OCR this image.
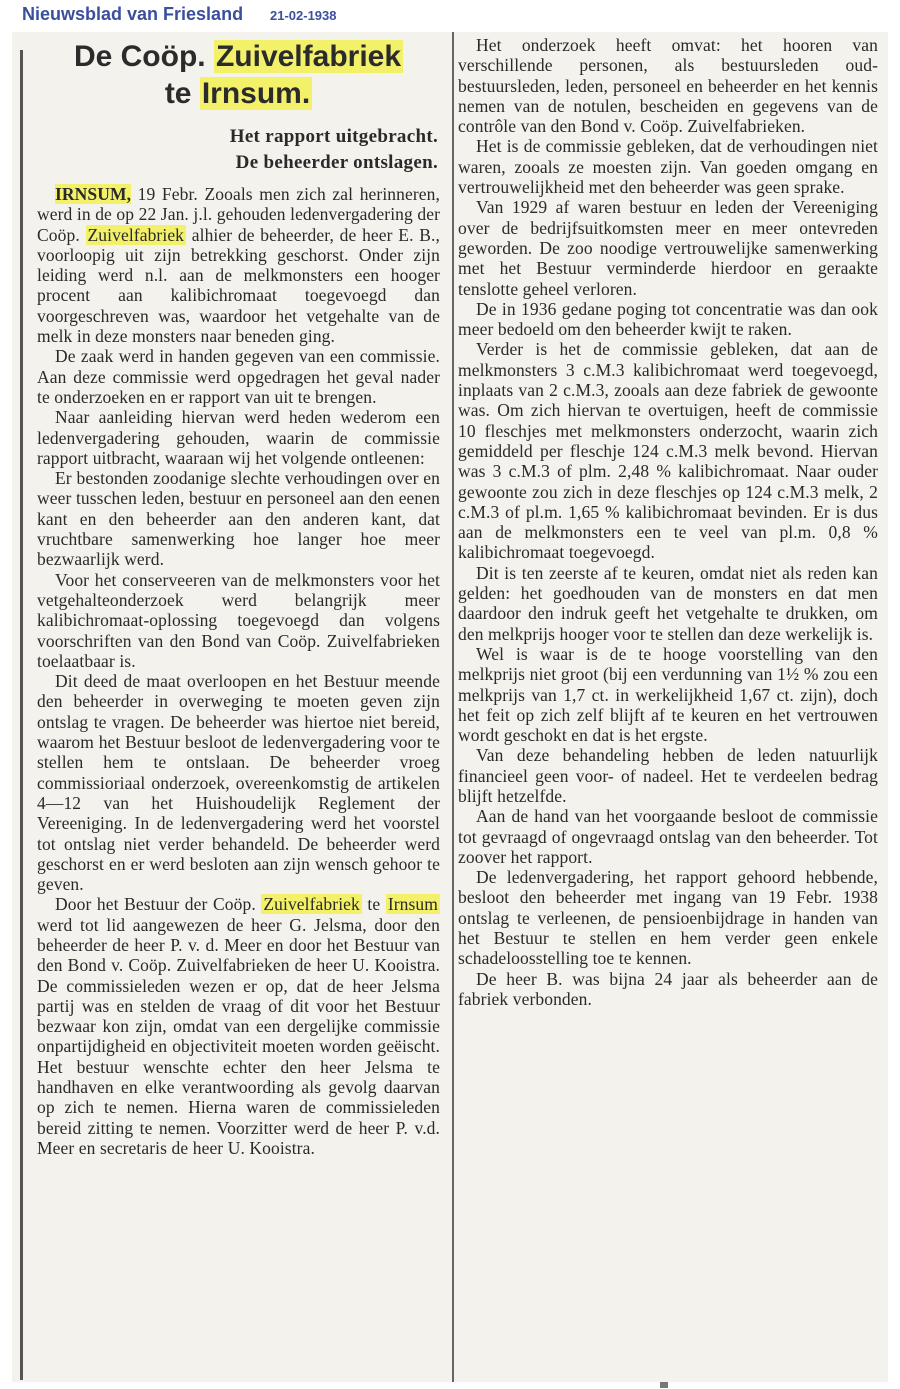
Nieuwsblad van Friesland 21-02-1938
De Coöp. Zuivelfabriek
te Irnsum.
Het rapport uitgebracht.
De beheerder ontslagen.

IRNSUM, 19 Febr. Zooals men zich zal herinneren, werd in de op 22 Jan. j.l. gehouden ledenvergadering der Coöp. Zuivelfabriek alhier de beheerder, de heer E. B., voorloopig uit zijn betrekking geschorst. Onder zijn leiding werd n.l. aan de melkmonsters een hooger procent aan kalibichromaat toegevoegd dan voorgeschreven was, waardoor het vetgehalte van de melk in deze monsters naar beneden ging.

De zaak werd in handen gegeven van een commissie. Aan deze commissie werd opgedragen het geval nader te onderzoeken en er rapport van uit te brengen.

Naar aanleiding hiervan werd heden wederom een ledenvergadering gehouden, waarin de commissie rapport uitbracht, waaraan wij het volgende ontleenen:

Er bestonden zoodanige slechte verhoudingen over en weer tusschen leden, bestuur en personeel aan den eenen kant en den beheerder aan den anderen kant, dat vruchtbare samenwerking hoe langer hoe meer bezwaarlijk werd.

Voor het conserveeren van de melkmonsters voor het vetgehalteonderzoek werd belangrijk meer kalibichromaat-oplossing toegevoegd dan volgens voorschriften van den Bond van Coöp. Zuivelfabrieken toelaatbaar is.

Dit deed de maat overloopen en het Bestuur meende den beheerder in overweging te moeten geven zijn ontslag te vragen. De beheerder was hiertoe niet bereid, waarom het Bestuur besloot de ledenvergadering voor te stellen hem te ontslaan. De beheerder vroeg commissioriaal onderzoek, overeenkomstig de artikelen 4—12 van het Huishoudelijk Reglement der Vereeniging. In de ledenvergadering werd het voorstel tot ontslag niet verder behandeld. De beheerder werd geschorst en er werd besloten aan zijn wensch gehoor te geven.

Door het Bestuur der Coöp. Zuivelfabriek te Irnsum werd tot lid aangewezen de heer G. Jelsma, door den beheerder de heer P. v. d. Meer en door het Bestuur van den Bond v. Coöp. Zuivelfabrieken de heer U. Kooistra. De commissieleden wezen er op, dat de heer Jelsma partij was en stelden de vraag of dit voor het Bestuur bezwaar kon zijn, omdat van een dergelijke commissie onpartijdigheid en objectiviteit moeten worden geëischt. Het bestuur wenschte echter den heer Jelsma te handhaven en elke verantwoording als gevolg daarvan op zich te nemen. Hierna waren de commissieleden bereid zitting te nemen. Voorzitter werd de heer P. v.d. Meer en secretaris de heer U. Kooistra.

Het onderzoek heeft omvat: het hooren van verschillende personen, als bestuursleden oud-bestuursleden, leden, personeel en beheerder en het kennis nemen van de notulen, bescheiden en gegevens van de contrôle van den Bond v. Coöp. Zuivelfabrieken.

Het is de commissie gebleken, dat de verhoudingen niet waren, zooals ze moesten zijn. Van goeden omgang en vertrouwelijkheid met den beheerder was geen sprake.

Van 1929 af waren bestuur en leden der Vereeniging over de bedrijfsuitkomsten meer en meer ontevreden geworden. De zoo noodige vertrouwelijke samenwerking met het Bestuur verminderde hierdoor en geraakte tenslotte geheel verloren.

De in 1936 gedane poging tot concentratie was dan ook meer bedoeld om den beheerder kwijt te raken.

Verder is het de commissie gebleken, dat aan de melkmonsters 3 c.M.3 kalibichromaat werd toegevoegd, inplaats van 2 c.M.3, zooals aan deze fabriek de gewoonte was. Om zich hiervan te overtuigen, heeft de commissie 10 fleschjes met melkmonsters onderzocht, waarin zich gemiddeld per fleschje 124 c.M.3 melk bevond. Hiervan was 3 c.M.3 of plm. 2,48 % kalibichromaat. Naar ouder gewoonte zou zich in deze fleschjes op 124 c.M.3 melk, 2 c.M.3 of pl.m. 1,65 % kalibichromaat bevinden. Er is dus aan de melkmonsters een te veel van pl.m. 0,8 % kalibichromaat toegevoegd.

Dit is ten zeerste af te keuren, omdat niet als reden kan gelden: het goedhouden van de monsters en dat men daardoor den indruk geeft het vetgehalte te drukken, om den melkprijs hooger voor te stellen dan deze werkelijk is.

Wel is waar is de te hooge voorstelling van den melkprijs niet groot (bij een verdunning van 1½ % zou een melkprijs van 1,7 ct. in werkelijkheid 1,67 ct. zijn), doch het feit op zich zelf blijft af te keuren en het vertrouwen wordt geschokt en dat is het ergste.

Van deze behandeling hebben de leden natuurlijk financieel geen voor- of nadeel. Het te verdeelen bedrag blijft hetzelfde.

Aan de hand van het voorgaande besloot de commissie tot gevraagd of ongevraagd ontslag van den beheerder. Tot zoover het rapport.

De ledenvergadering, het rapport gehoord hebbende, besloot den beheerder met ingang van 19 Febr. 1938 ontslag te verleenen, de pensioenbijdrage in handen van het Bestuur te stellen en hem verder geen enkele schadeloosstelling toe te kennen.

De heer B. was bijna 24 jaar als beheerder aan de fabriek verbonden.
